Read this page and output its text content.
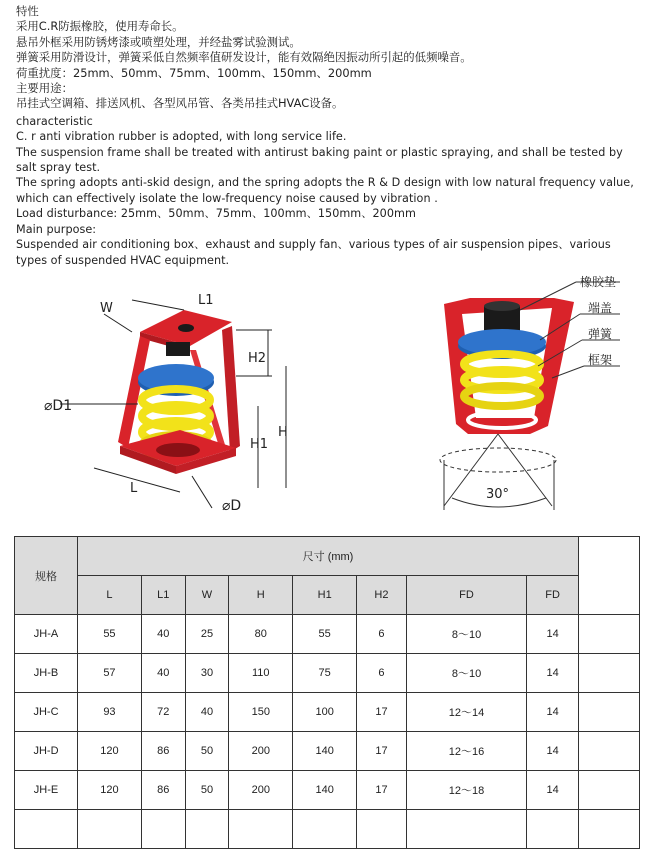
特性
采用C.R防振橡胶，使用寿命长。
悬吊外框采用防锈烤漆或喷塑处理，并经盐雾试验测试。
弹簧采用防滑设计，弹簧采低自然频率值研发设计，能有效隔绝因振动所引起的低频噪音。
荷重扰度：25mm、50mm、75mm、100mm、150mm、200mm
主要用途：
吊挂式空调箱、排送风机、各型风吊管、各类吊挂式HVAC设备。
characteristic
C. r anti vibration rubber is adopted, with long service life.
The suspension frame shall be treated with antirust baking paint or plastic spraying, and shall be tested by salt spray test.
The spring adopts anti-skid design, and the spring adopts the R & D design with low natural frequency value, which can effectively isolate the low-frequency noise caused by vibration .
Load disturbance: 25mm、50mm、75mm、100mm、150mm、200mm
Main purpose:
Suspended air conditioning box、exhaust and supply fan、various types of air suspension pipes、various types of suspended HVAC equipment.
W
L1
H2
⌀D1
H1
H
L
⌀D
30°
橡胶垫
端盖
弹簧
框架
规格	尺寸 (mm)								
	L	L1	W	H	H1	H2	FD	FD	
JH-A	55	40	25	80	55	6	8～10	14	
JH-B	57	40	30	110	75	6	8～10	14	
JH-C	93	72	40	150	100	17	12～14	14	
JH-D	120	86	50	200	140	17	12～16	14	
JH-E	120	86	50	200	140	17	12～18	14	
